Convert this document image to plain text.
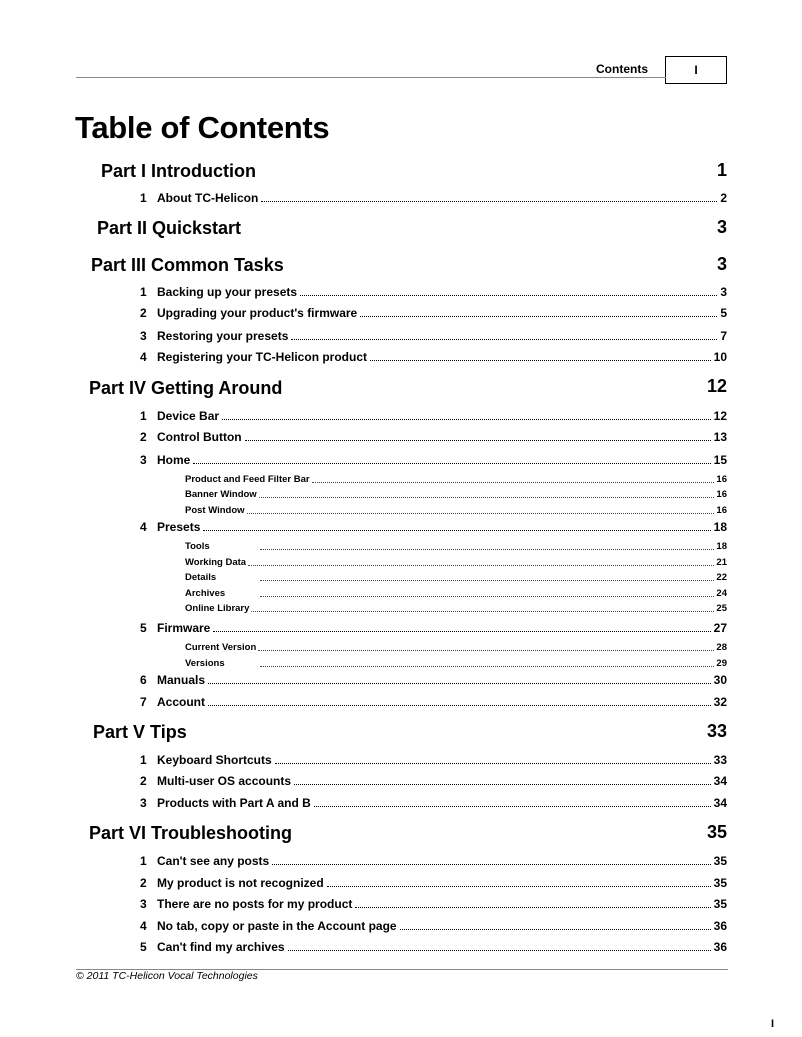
Contents	I
Table of Contents
Part I Introduction	1
1 About TC-Helicon	2
Part II Quickstart	3
Part III Common Tasks	3
1 Backing up your presets	3
2 Upgrading your product's firmware	5
3 Restoring your presets	7
4 Registering your TC-Helicon product	10
Part IV Getting Around	12
1 Device Bar	12
2 Control Button	13
3 Home	15
Product and Feed Filter Bar	16
Banner Window	16
Post Window	16
4 Presets	18
Tools	18
Working Data	21
Details	22
Archives	24
Online Library	25
5 Firmware	27
Current Version	28
Versions	29
6 Manuals	30
7 Account	32
Part V Tips	33
1 Keyboard Shortcuts	33
2 Multi-user OS accounts	34
3 Products with Part A and B	34
Part VI Troubleshooting	35
1 Can't see any posts	35
2 My product is not recognized	35
3 There are no posts for my product	35
4 No tab, copy or paste in the Account page	36
5 Can't find my archives	36
© 2011 TC-Helicon Vocal Technologies
I
